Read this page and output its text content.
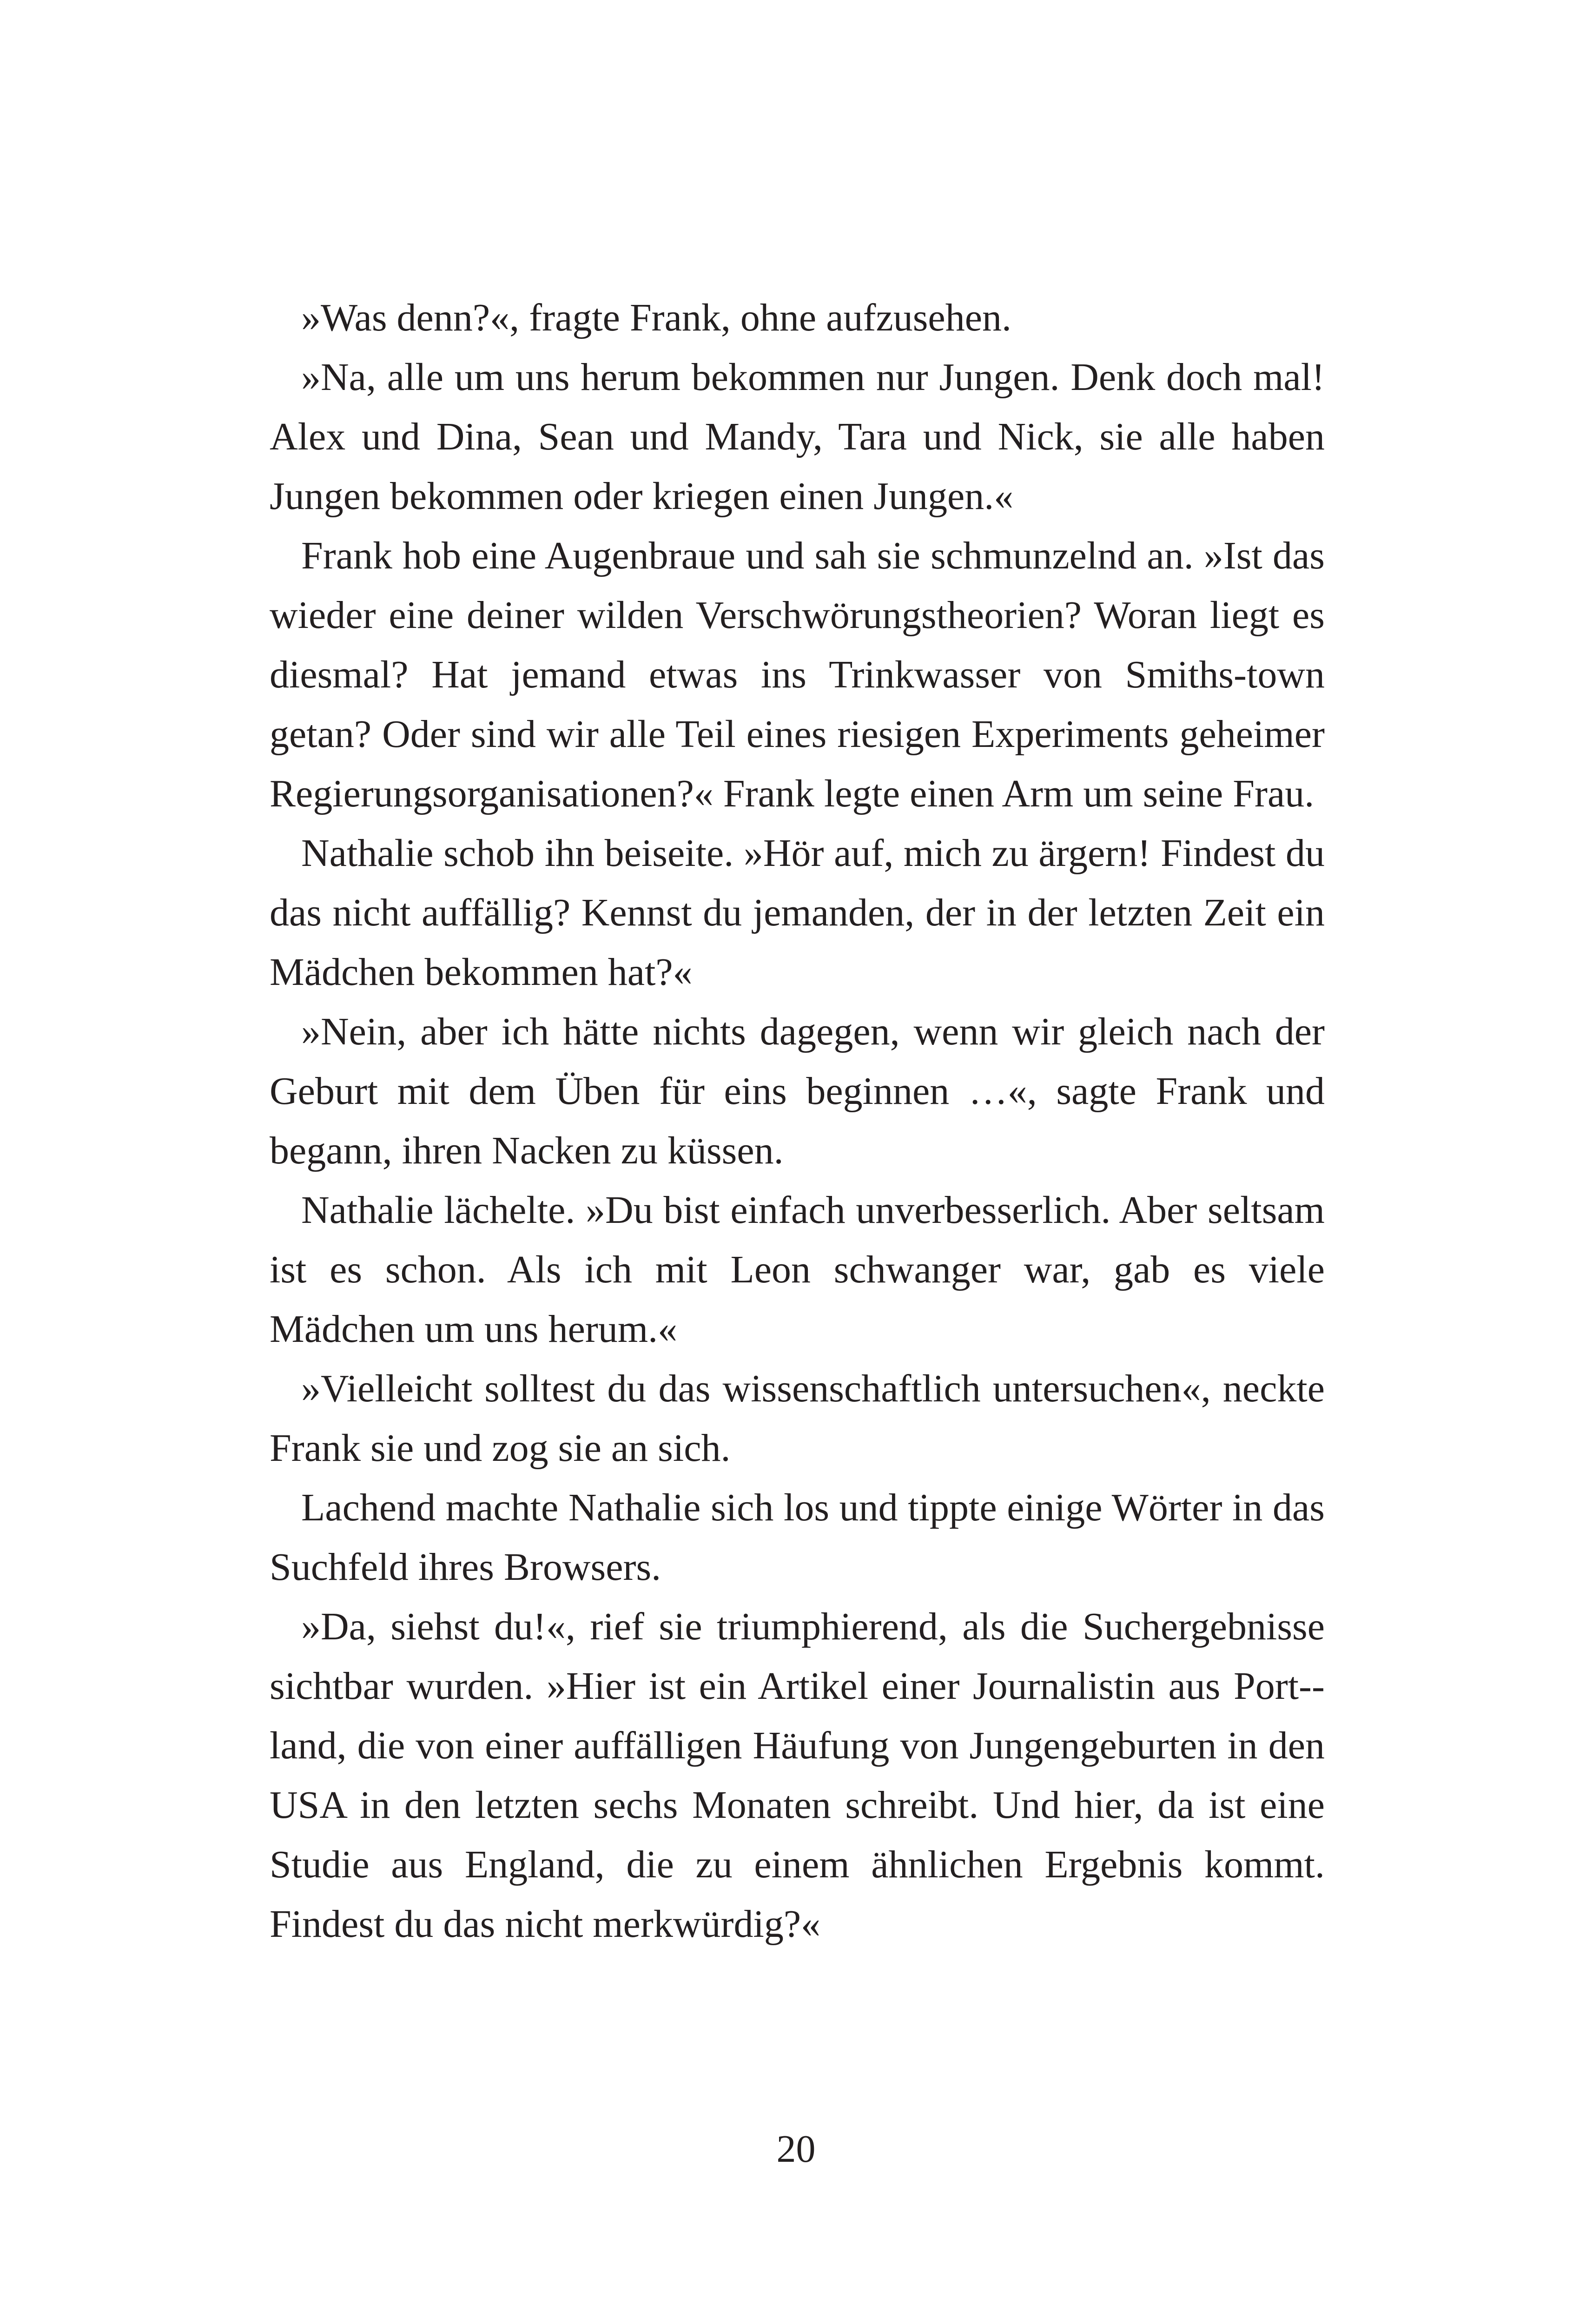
»Was denn?«, fragte Frank, ohne aufzusehen.

»Na, alle um uns herum bekommen nur Jungen. Denk doch mal! Alex und Dina, Sean und Mandy, Tara und Nick, sie alle haben Jungen bekommen oder kriegen einen Jungen.«

Frank hob eine Augenbraue und sah sie schmunzelnd an. »Ist das wieder eine deiner wilden Verschwörungstheorien? Woran liegt es diesmal? Hat jemand etwas ins Trinkwasser von Smiths-town getan? Oder sind wir alle Teil eines riesigen Experiments geheimer Regierungsorganisationen?« Frank legte einen Arm um seine Frau.

Nathalie schob ihn beiseite. »Hör auf, mich zu ärgern! Findest du das nicht auffällig? Kennst du jemanden, der in der letzten Zeit ein Mädchen bekommen hat?«

»Nein, aber ich hätte nichts dagegen, wenn wir gleich nach der Geburt mit dem Üben für eins beginnen …«, sagte Frank und begann, ihren Nacken zu küssen.

Nathalie lächelte. »Du bist einfach unverbesserlich. Aber seltsam ist es schon. Als ich mit Leon schwanger war, gab es viele Mädchen um uns herum.«

»Vielleicht solltest du das wissenschaftlich untersuchen«, neckte Frank sie und zog sie an sich.

Lachend machte Nathalie sich los und tippte einige Wörter in das Suchfeld ihres Browsers.

»Da, siehst du!«, rief sie triumphierend, als die Suchergebnisse sichtbar wurden. »Hier ist ein Artikel einer Journalistin aus Port-land, die von einer auffälligen Häufung von Jungengeburten in den USA in den letzten sechs Monaten schreibt. Und hier, da ist eine Studie aus England, die zu einem ähnlichen Ergebnis kommt. Findest du das nicht merkwürdig?«

20
